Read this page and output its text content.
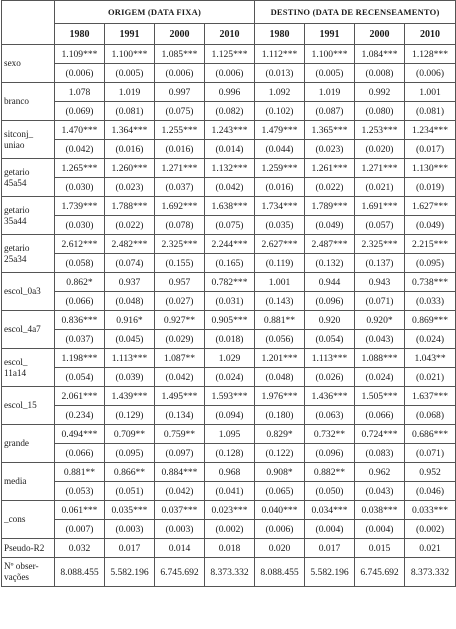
	ORIGEM (DATA FIXA)				DESTINO (DATA DE RECENSEAMENTO)			
	1980	1991	2000	2010	1980	1991	2000	2010

sexo	1.109***	1.100***	1.085***	1.125***	1.112***	1.100***	1.084***	1.128***
	(0.006)	(0.005)	(0.006)	(0.006)	(0.013)	(0.005)	(0.008)	(0.006)

branco	1.078	1.019	0.997	0.996	1.092	1.019	0.992	1.001
	(0.069)	(0.081)	(0.075)	(0.082)	(0.102)	(0.087)	(0.080)	(0.081)

sitconj_
uniao	1.470***	1.364***	1.255***	1.243***	1.479***	1.365***	1.253***	1.234***
	(0.042)	(0.016)	(0.016)	(0.014)	(0.044)	(0.023)	(0.020)	(0.017)

getario
45a54	1.265***	1.260***	1.271***	1.132***	1.259***	1.261***	1.271***	1.130***
	(0.030)	(0.023)	(0.037)	(0.042)	(0.016)	(0.022)	(0.021)	(0.019)

getario
35a44	1.739***	1.788***	1.692***	1.638***	1.734***	1.789***	1.691***	1.627***
	(0.030)	(0.022)	(0.078)	(0.075)	(0.035)	(0.049)	(0.057)	(0.049)

getario
25a34	2.612***	2.482***	2.325***	2.244***	2.627***	2.487***	2.325***	2.215***
	(0.058)	(0.074)	(0.155)	(0.165)	(0.119)	(0.132)	(0.137)	(0.095)

escol_0a3	0.862*	0.937	0.957	0.782***	1.001	0.944	0.943	0.738***
	(0.066)	(0.048)	(0.027)	(0.031)	(0.143)	(0.096)	(0.071)	(0.033)

escol_4a7	0.836***	0.916*	0.927**	0.905***	0.881**	0.920	0.920*	0.869***
	(0.037)	(0.045)	(0.029)	(0.018)	(0.056)	(0.054)	(0.043)	(0.024)

escol_
11a14	1.198***	1.113***	1.087**	1.029	1.201***	1.113***	1.088***	1.043**
	(0.054)	(0.039)	(0.042)	(0.024)	(0.048)	(0.026)	(0.024)	(0.021)

escol_15	2.061***	1.439***	1.495***	1.593***	1.976***	1.436***	1.505***	1.637***
	(0.234)	(0.129)	(0.134)	(0.094)	(0.180)	(0.063)	(0.066)	(0.068)

grande	0.494***	0.709**	0.759**	1.095	0.829*	0.732**	0.724***	0.686***
	(0.066)	(0.095)	(0.097)	(0.128)	(0.122)	(0.096)	(0.083)	(0.071)

media	0.881**	0.866**	0.884***	0.968	0.908*	0.882**	0.962	0.952
	(0.053)	(0.051)	(0.042)	(0.041)	(0.065)	(0.050)	(0.043)	(0.046)

_cons	0.061***	0.035***	0.037***	0.023***	0.040***	0.034***	0.038***	0.033***
	(0.007)	(0.003)	(0.003)	(0.002)	(0.006)	(0.004)	(0.004)	(0.002)

Pseudo-R2	0.032	0.017	0.014	0.018	0.020	0.017	0.015	0.021

Nº obser-
vações	8.088.455	5.582.196	6.745.692	8.373.332	8.088.455	5.582.196	6.745.692	8.373.332
